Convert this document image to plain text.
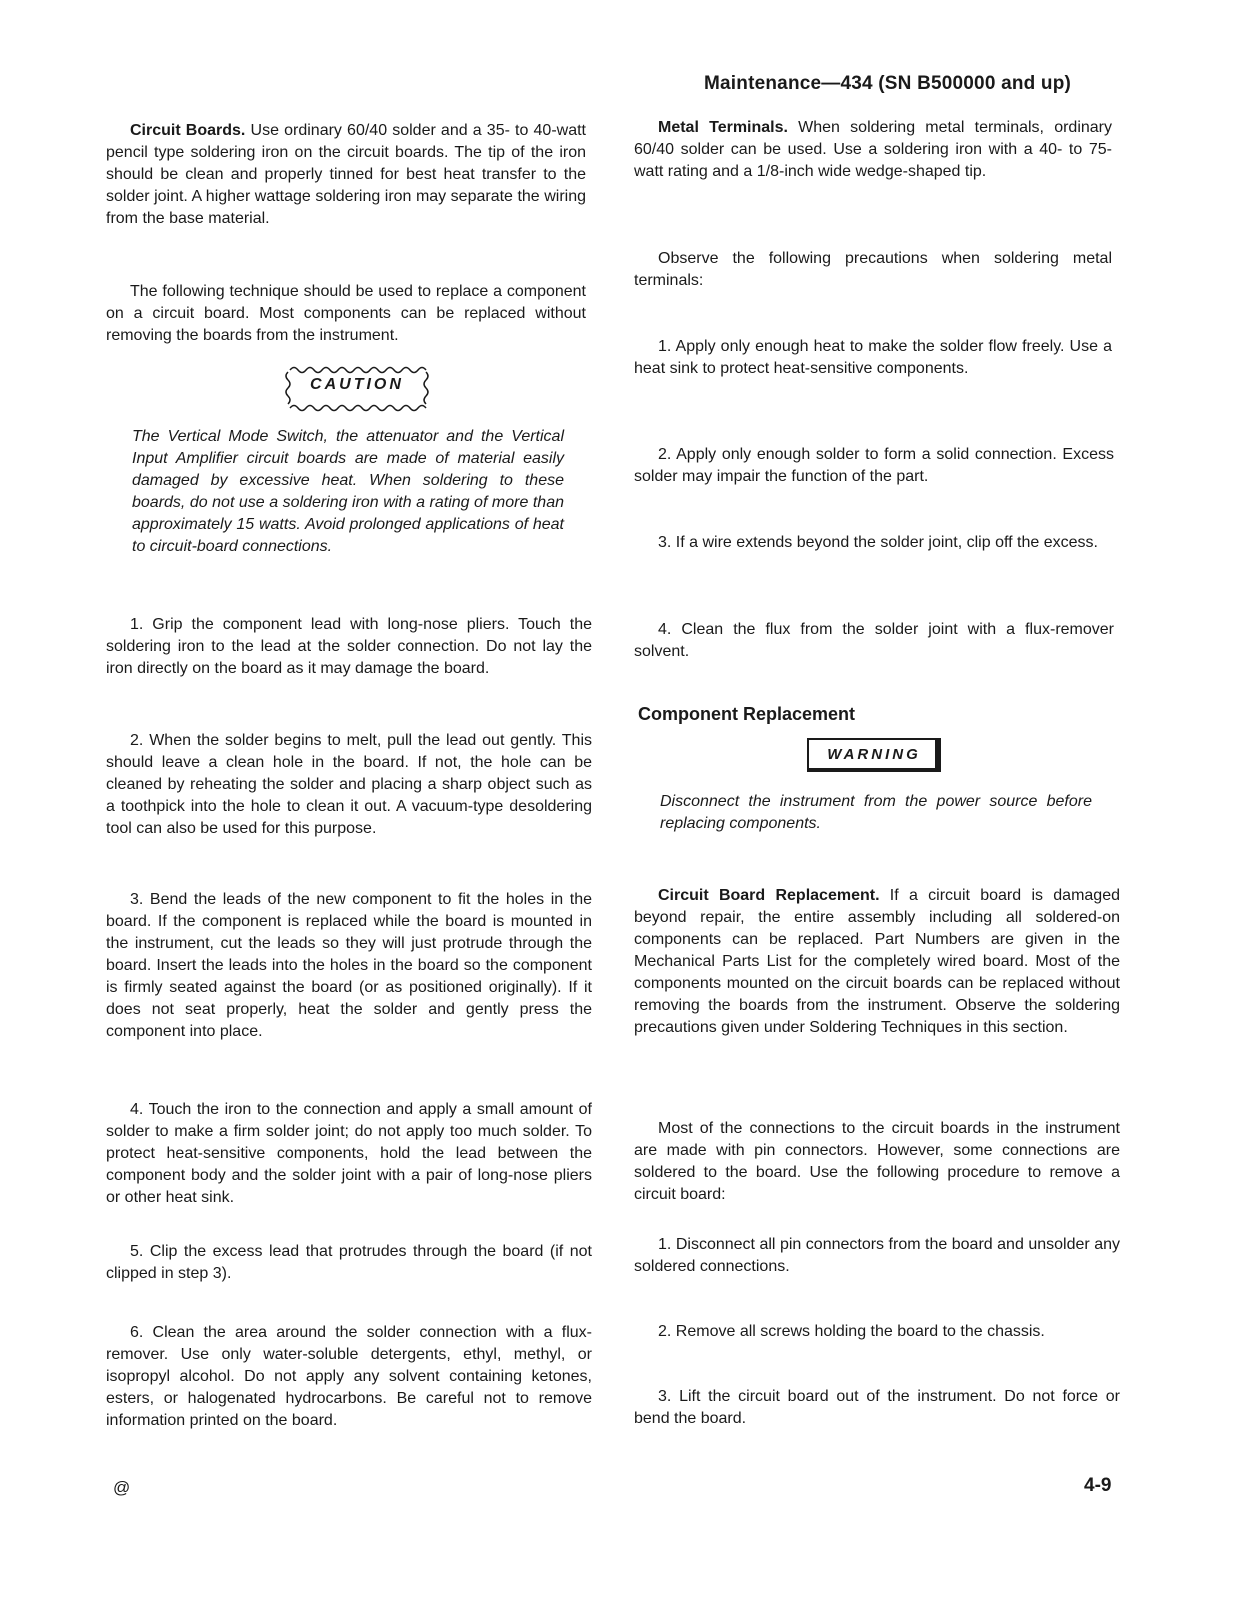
Maintenance—434 (SN B500000 and up)

Circuit Boards. Use ordinary 60/40 solder and a 35- to 40-watt pencil type soldering iron on the circuit boards. The tip of the iron should be clean and properly tinned for best heat transfer to the solder joint. A higher wattage soldering iron may separate the wiring from the base material.

The following technique should be used to replace a component on a circuit board. Most components can be replaced without removing the boards from the instrument.

The Vertical Mode Switch, the attenuator and the Vertical Input Amplifier circuit boards are made of material easily damaged by excessive heat. When soldering to these boards, do not use a soldering iron with a rating of more than approximately 15 watts. Avoid prolonged applications of heat to circuit-board connections.

1. Grip the component lead with long-nose pliers. Touch the soldering iron to the lead at the solder connection. Do not lay the iron directly on the board as it may damage the board.

2. When the solder begins to melt, pull the lead out gently. This should leave a clean hole in the board. If not, the hole can be cleaned by reheating the solder and placing a sharp object such as a toothpick into the hole to clean it out. A vacuum-type desoldering tool can also be used for this purpose.

3. Bend the leads of the new component to fit the holes in the board. If the component is replaced while the board is mounted in the instrument, cut the leads so they will just protrude through the board. Insert the leads into the holes in the board so the component is firmly seated against the board (or as positioned originally). If it does not seat properly, heat the solder and gently press the component into place.

4. Touch the iron to the connection and apply a small amount of solder to make a firm solder joint; do not apply too much solder. To protect heat-sensitive components, hold the lead between the component body and the solder joint with a pair of long-nose pliers or other heat sink.

5. Clip the excess lead that protrudes through the board (if not clipped in step 3).

6. Clean the area around the solder connection with a flux-remover. Use only water-soluble detergents, ethyl, methyl, or isopropyl alcohol. Do not apply any solvent containing ketones, esters, or halogenated hydrocarbons. Be careful not to remove information printed on the board.

CAUTION

Metal Terminals. When soldering metal terminals, ordinary 60/40 solder can be used. Use a soldering iron with a 40- to 75-watt rating and a 1/8-inch wide wedge-shaped tip.

Observe the following precautions when soldering metal terminals:

1. Apply only enough heat to make the solder flow freely. Use a heat sink to protect heat-sensitive components.

2. Apply only enough solder to form a solid connection. Excess solder may impair the function of the part.

3. If a wire extends beyond the solder joint, clip off the excess.

4. Clean the flux from the solder joint with a flux-remover solvent.

Component Replacement

Disconnect the instrument from the power source before replacing components.

Circuit Board Replacement. If a circuit board is damaged beyond repair, the entire assembly including all soldered-on components can be replaced. Part Numbers are given in the Mechanical Parts List for the completely wired board. Most of the components mounted on the circuit boards can be replaced without removing the boards from the instrument. Observe the soldering precautions given under Soldering Techniques in this section.

Most of the connections to the circuit boards in the instrument are made with pin connectors. However, some connections are soldered to the board. Use the following procedure to remove a circuit board:

1. Disconnect all pin connectors from the board and unsolder any soldered connections.

2. Remove all screws holding the board to the chassis.

3. Lift the circuit board out of the instrument. Do not force or bend the board.

WARNING
@	4-9
